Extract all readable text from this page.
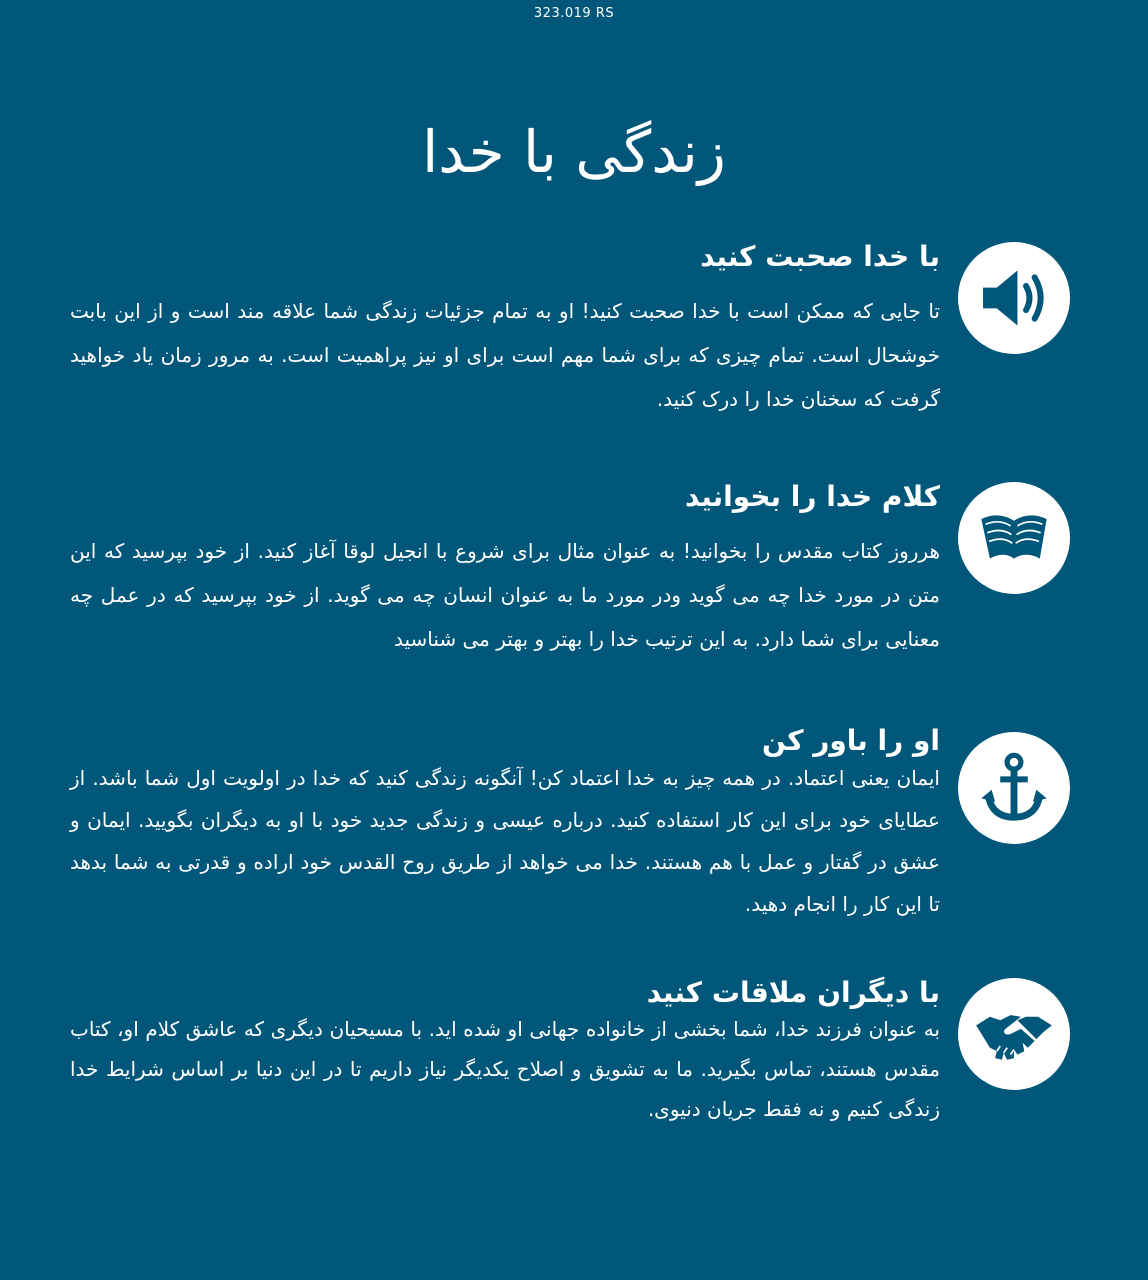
323.019 RS
زندگی با خدا
با خدا صحبت کنید

تا جایی که ممکن است با خدا صحبت کنید! او به تمام جزئیات زندگی شما علاقه مند است و از این بابت خوشحال است. تمام چیزی که برای شما مهم است برای او نیز پراهمیت است. به مرور زمان یاد خواهید گرفت که سخنان خدا را درک کنید.

کلام خدا را بخوانید

هرروز کتاب مقدس را بخوانید! به عنوان مثال برای شروع با انجیل لوقا آغاز کنید. از خود بپرسید که این متن در مورد خدا چه می گوید ودر مورد ما به عنوان انسان چه می گوید. از خود بپرسید که در عمل چه معنایی برای شما دارد. به این ترتیب خدا را بهتر و بهتر می شناسید

او را باور کن

ایمان یعنی اعتماد. در همه چیز به خدا اعتماد کن! آنگونه زندگی کنید که خدا در اولویت اول شما باشد. از عطایای خود برای این کار استفاده کنید. درباره عیسی و زندگی جدید خود با او به دیگران بگویید. ایمان و عشق در گفتار و عمل با هم هستند. خدا می خواهد از طریق روح القدس خود اراده و قدرتی به شما بدهد تا این کار را انجام دهید.

با دیگران ملاقات کنید

به عنوان فرزند خدا، شما بخشی از خانواده جهانی او شده اید. با مسیحیان دیگری که عاشق کلام او، کتاب مقدس هستند، تماس بگیرید. ما به تشویق و اصلاح یکدیگر نیاز داریم تا در این دنیا بر اساس شرایط خدا زندگی کنیم و نه فقط جریان دنیوی.
